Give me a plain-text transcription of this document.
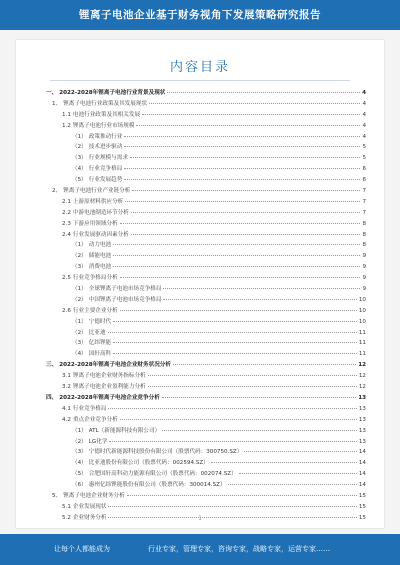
锂离子电池企业基于财务视角下发展策略研究报告
内容目录
一、 2022-2028年锂离子电池行业背景及现状	4
1、 锂离子电池行业政策及其发展现状	4
1.1 电池行业政策及其相关发展	4
1.2 锂离子电池行业市场规模	4
（1） 政策推动行业	4
（2） 技术进步驱动	5
（3） 行业规模与需求	5
（4） 行业竞争格局	6
（5） 行业发展趋势	6
2、 锂离子电池行业产业链分析	7
2.1 上游原材料供应分析	7
2.2 中游电池制造环节分析	7
2.3 下游应用领域分析	8
2.4 行业发展驱动因素分析	8
（1） 动力电池	8
（2） 储能电池	9
（3） 消费电池	9
2.5 行业竞争格局分析	9
（1） 全球锂离子电池市场竞争格局	9
（2） 中国锂离子电池市场竞争格局	10
2.6 行业主要企业分析	10
（1） 宁德时代	10
（2） 比亚迪	11
（3） 亿纬锂能	11
（4） 国轩高科	11
三、 2022-2028年锂离子电池企业财务状况分析	12
3.1 锂离子电池企业财务指标分析	12
3.2 锂离子电池企业盈利能力分析	12
四、 2022-2028年锂离子电池企业竞争分析	13
4.1 行业竞争格局	13
4.2 重点企业竞争分析	13
（1） ATL（新能源科技有限公司）	13
（2） LG化学	13
（3） 宁德时代新能源科技股份有限公司（股票代码：300750.SZ）	14
（4） 比亚迪股份有限公司（股票代码：002594.SZ）	14
（5） 合肥国轩高科动力能源有限公司（股票代码：002074.SZ）	14
（6） 惠州亿纬锂能股份有限公司（股票代码：300014.SZ）	14
5、 锂离子电池企业财务分析	15
5.1 企业发展现状	15
5.2 企业财务分析	15
1
让每个人都能成为	行业专家，管理专家，咨询专家，战略专家，运营专家……
